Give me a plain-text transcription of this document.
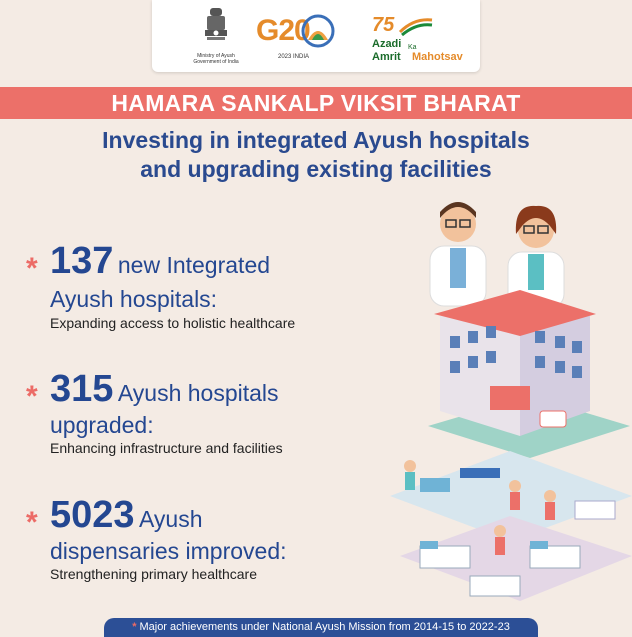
Ministry of Ayush
Government of India
G20
2023 INDIA
75
Azadi Ka
Amrit Mahotsav
HAMARA SANKALP VIKSIT BHARAT
Investing in integrated Ayush hospitals
and upgrading existing facilities
* 137 new Integrated
Ayush hospitals:
Expanding access to holistic healthcare
* 315 Ayush hospitals
upgraded:
Enhancing infrastructure and facilities
* 5023 Ayush
dispensaries improved:
Strengthening primary healthcare
* Major achievements under National Ayush Mission from 2014-15 to 2022-23
